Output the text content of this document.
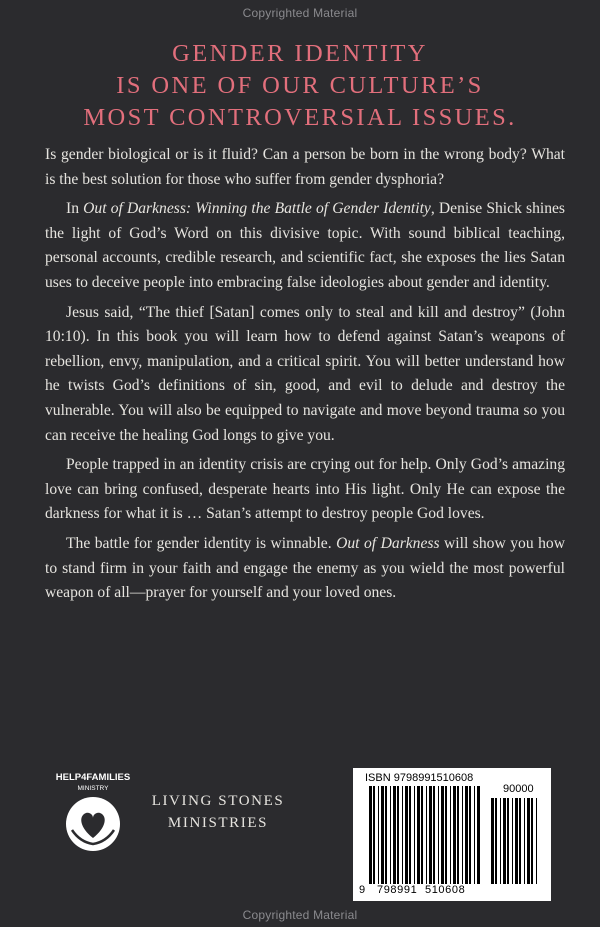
Copyrighted Material
GENDER IDENTITY
IS ONE OF OUR CULTURE’S
MOST CONTROVERSIAL ISSUES.

Is gender biological or is it fluid? Can a person be born in the wrong body? What is the best solution for those who suffer from gender dysphoria?

In Out of Darkness: Winning the Battle of Gender Identity, Denise Shick shines the light of God’s Word on this divisive topic. With sound biblical teaching, personal accounts, credible research, and scientific fact, she exposes the lies Satan uses to deceive people into embracing false ideologies about gender and identity.

Jesus said, “The thief [Satan] comes only to steal and kill and destroy” (John 10:10). In this book you will learn how to defend against Satan’s weapons of rebellion, envy, manipulation, and a critical spirit. You will better understand how he twists God’s definitions of sin, good, and evil to delude and destroy the vulnerable. You will also be equipped to navigate and move beyond trauma so you can receive the healing God longs to give you.

People trapped in an identity crisis are crying out for help. Only God’s amazing love can bring confused, desperate hearts into His light. Only He can expose the darkness for what it is … Satan’s attempt to destroy people God loves.

The battle for gender identity is winnable. Out of Darkness will show you how to stand firm in your faith and engage the enemy as you wield the most powerful weapon of all—prayer for yourself and your loved ones.

HELP4FAMILIES
MINISTRY
LIVING STONES
MINISTRIES
ISBN 9798991510608
90000
9 798991 510608
Copyrighted Material
